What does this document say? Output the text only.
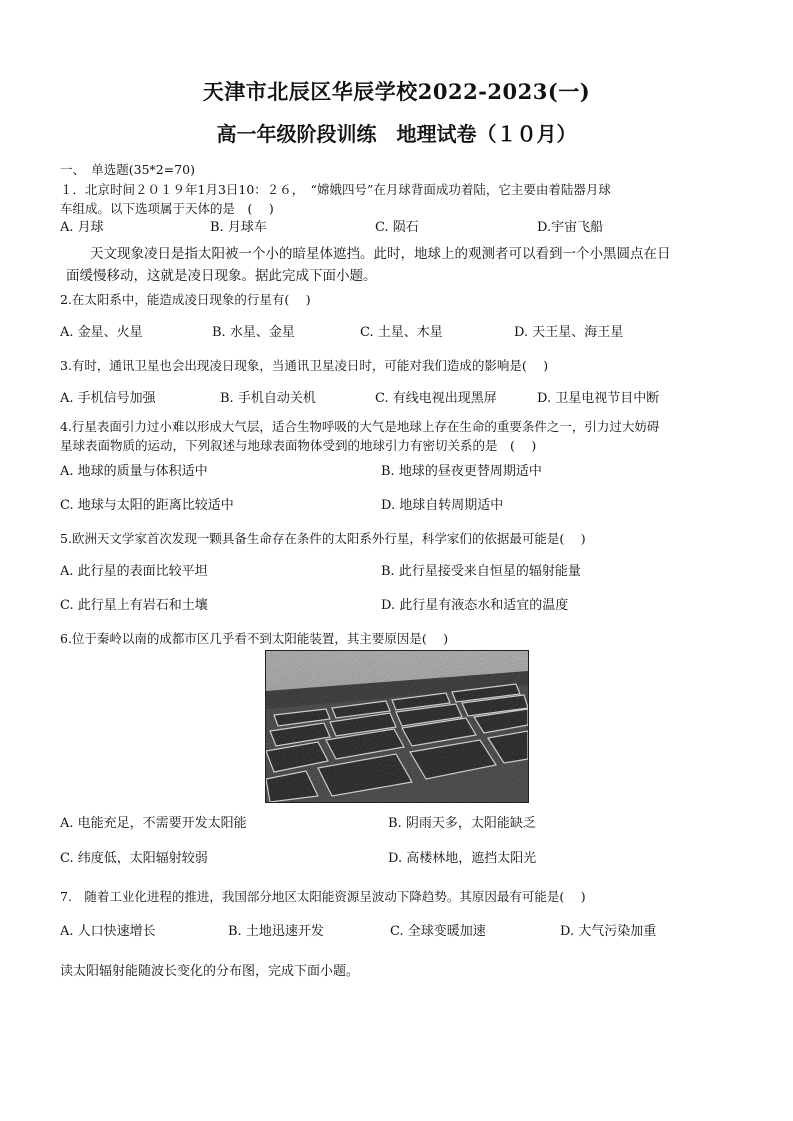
天津市北辰区华辰学校2022-2023(一)
高一年级阶段训练　地理试卷（１０月）
一、　单选题(35*2=70)
１．北京时间２０１９年1月3日10：２６，　“嫦娥四号”在月球背面成功着陆，它主要由着陆器月球
车组成。以下选项属于天体的是　(　 )
A. 月球	B. 月球车	C. 陨石	D.宇宙飞船
天文现象凌日是指太阳被一个小的暗星体遮挡。此时，地球上的观测者可以看到一个小黑圆点在日
面缓慢移动，这就是凌日现象。据此完成下面小题。
2.在太阳系中，能造成凌日现象的行星有(　 )
A. 金星、火星	B. 水星、金星	C. 土星、木星	D. 天王星、海王星
3.有时，通讯卫星也会出现凌日现象，当通讯卫星凌日时，可能对我们造成的影响是(　 )
A. 手机信号加强	B. 手机自动关机	C. 有线电视出现黑屏	D. 卫星电视节目中断
4.行星表面引力过小难以形成大气层，适合生物呼吸的大气是地球上存在生命的重要条件之一，引力过大妨碍
星球表面物质的运动，下列叙述与地球表面物体受到的地球引力有密切关系的是　(　 )
A. 地球的质量与体积适中	B. 地球的昼夜更替周期适中
C. 地球与太阳的距离比较适中	D. 地球自转周期适中
5.欧洲天文学家首次发现一颗具备生命存在条件的太阳系外行星，科学家们的依据最可能是(　 )
A. 此行星的表面比较平坦	B. 此行星接受来自恒星的辐射能量
C. 此行星上有岩石和土壤	D. 此行星有液态水和适宜的温度
6.位于秦岭以南的成都市区几乎看不到太阳能装置，其主要原因是(　 )
A. 电能充足，不需要开发太阳能	B. 阴雨天多，太阳能缺乏
C. 纬度低，太阳辐射较弱	D. 高楼林地，遮挡太阳光
7.　随着工业化进程的推进，我国部分地区太阳能资源呈波动下降趋势。其原因最有可能是(　 )
A. 人口快速增长	B. 土地迅速开发	C. 全球变暖加速	D. 大气污染加重
读太阳辐射能随波长变化的分布图，完成下面小题。
